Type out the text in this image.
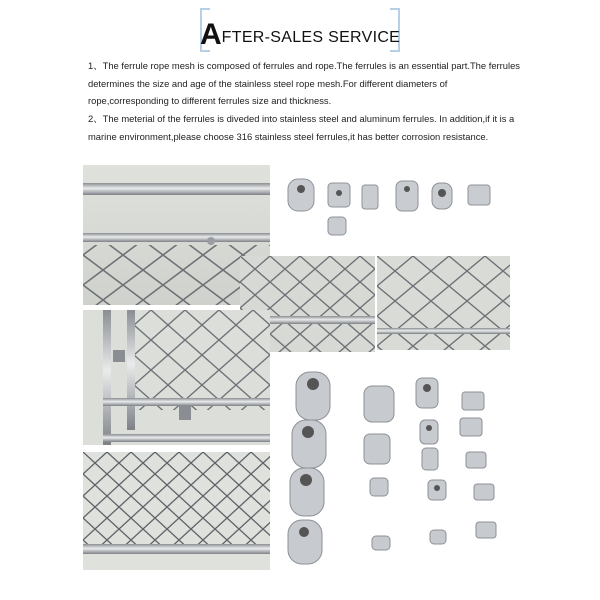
AFTER-SALES SERVICE

1、The ferrule rope mesh is composed of ferrules and rope.The ferrules is an essential part.The ferrules determines the size and age of the stainless steel rope mesh.For different diameters of rope,corresponding to different ferrules size and thickness.

2、The meterial of the ferrules is diveded into stainless steel and aluminum ferrules. In addition,if it is a marine environment,please choose 316 stainless steel ferrules,it has better corrosion resistance.
